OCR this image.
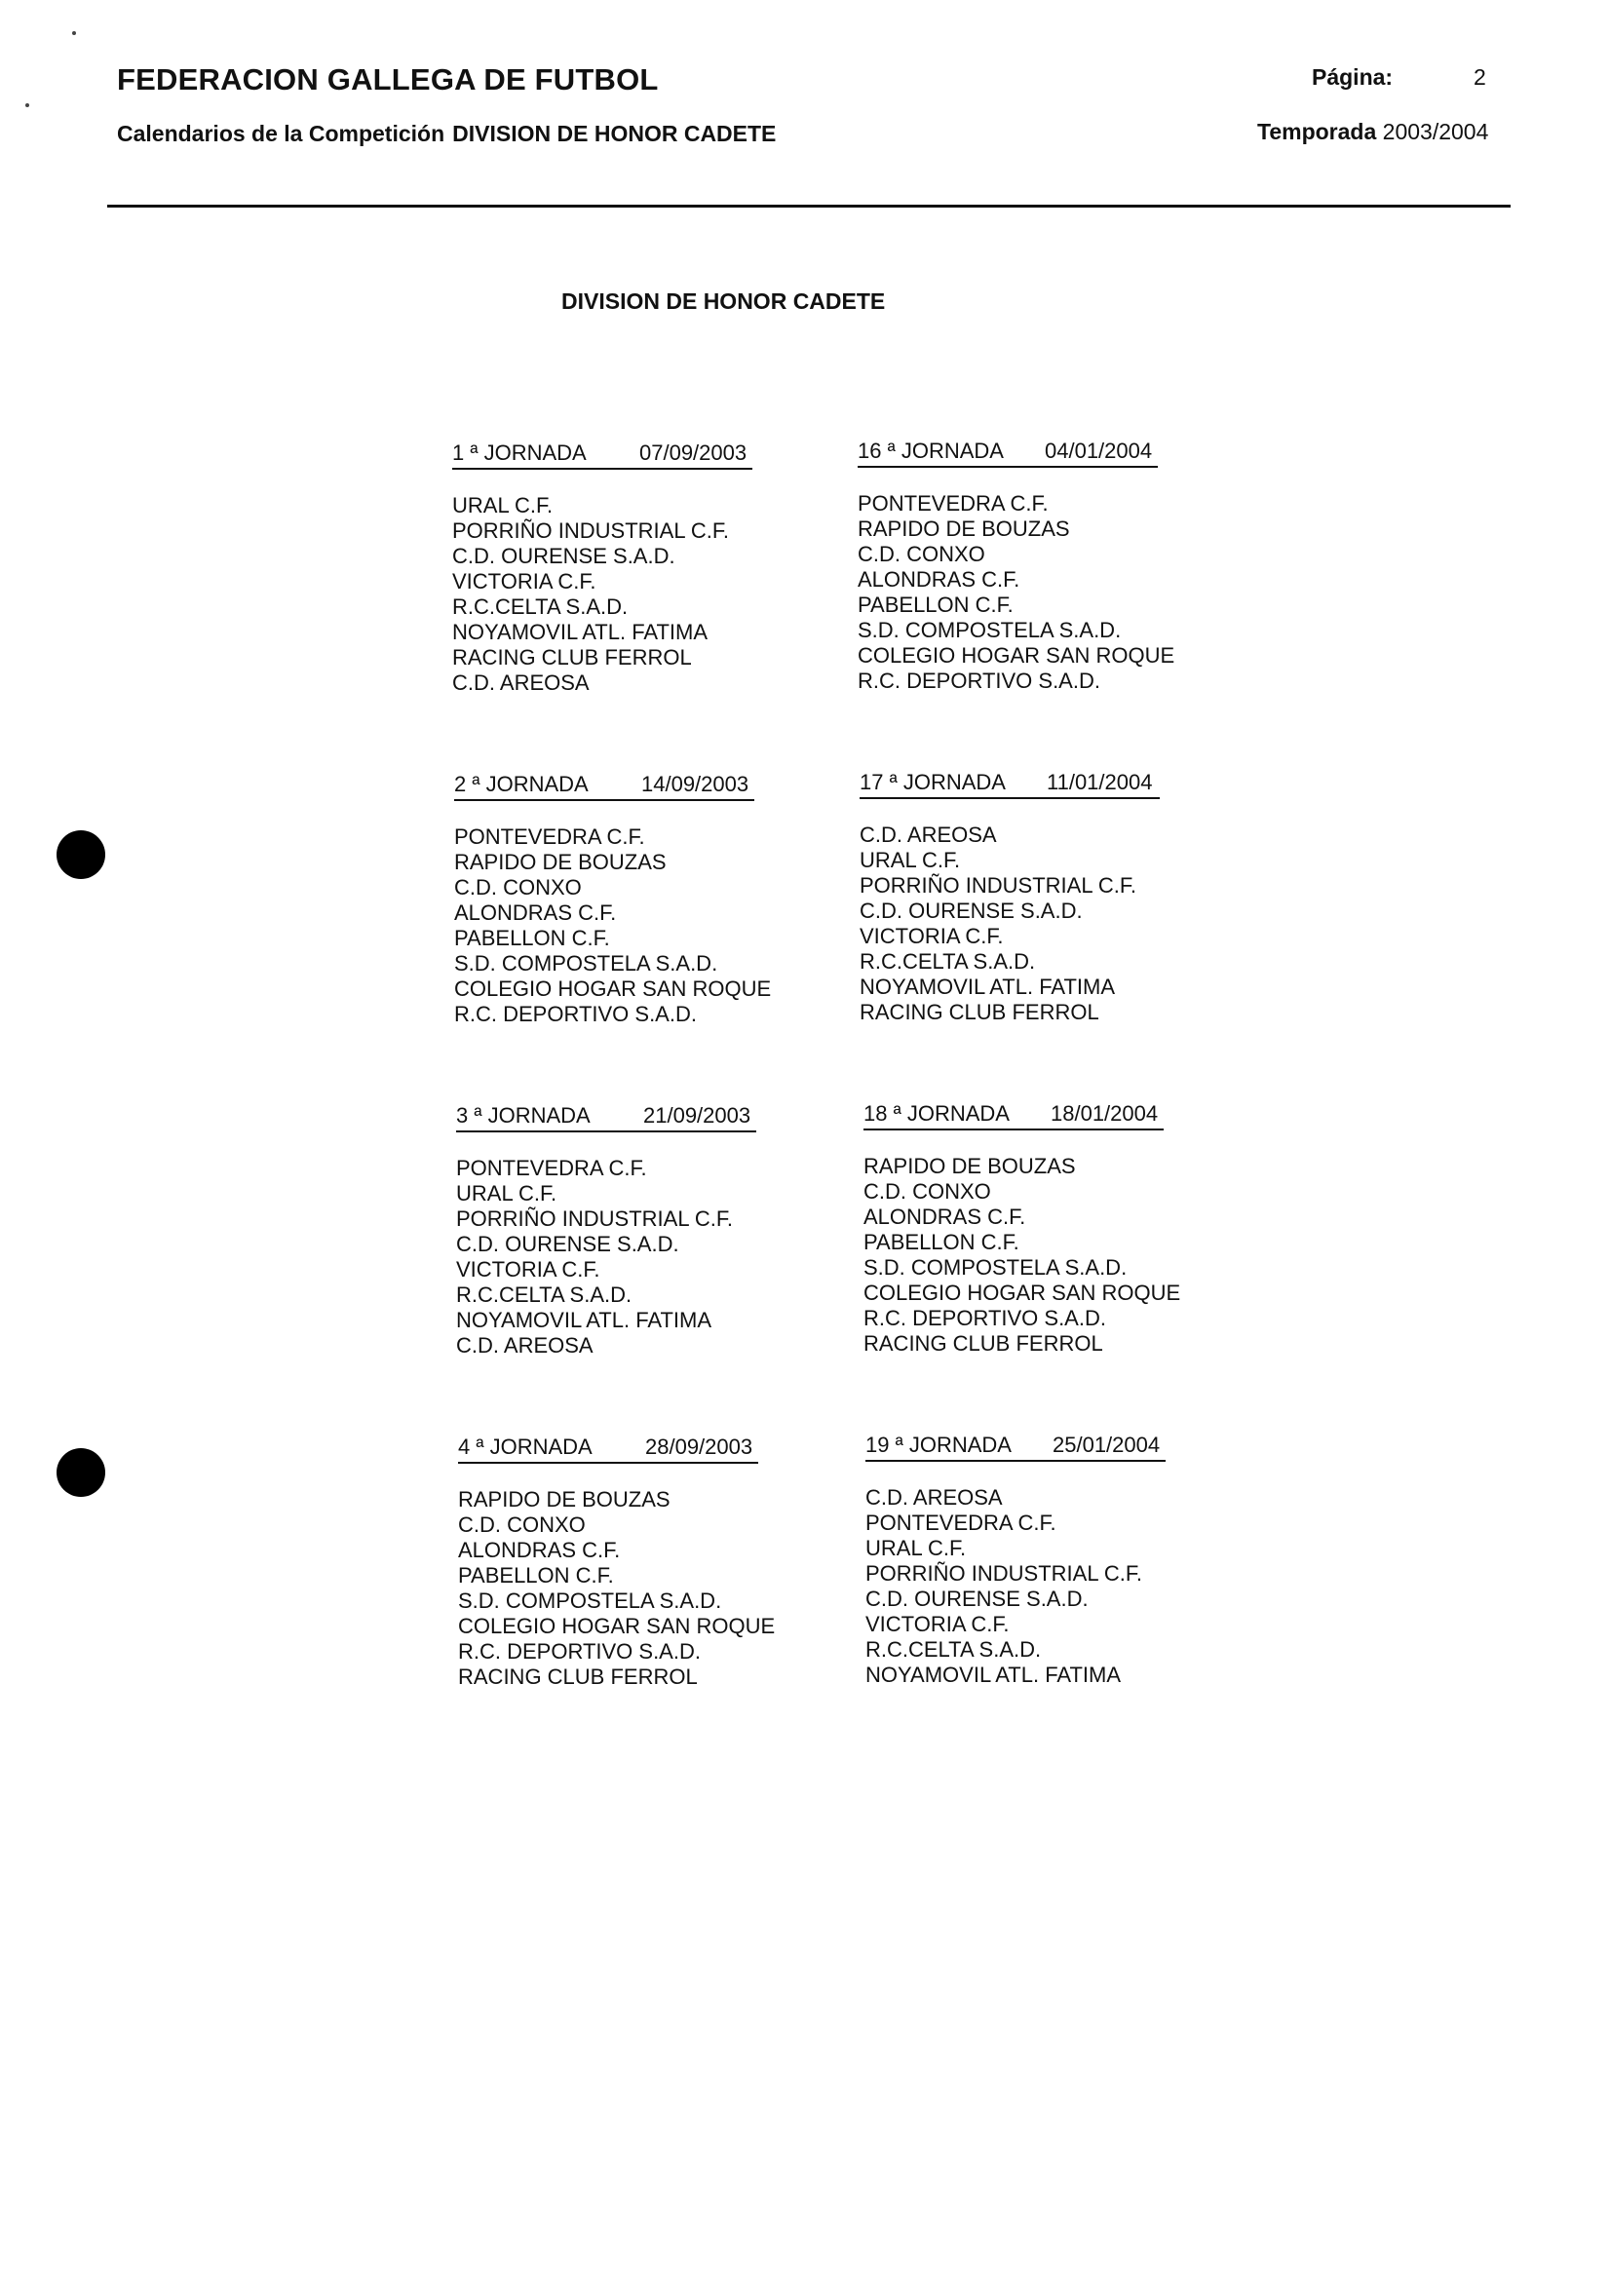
FEDERACION GALLEGA DE FUTBOL	Página:	2
Calendarios de la Competición DIVISION DE HONOR CADETE	Temporada 2003/2004
DIVISION DE HONOR CADETE
1 ª JORNADA 07/09/2003
URAL C.F.
PORRIÑO INDUSTRIAL C.F.
C.D. OURENSE S.A.D.
VICTORIA C.F.
R.C.CELTA S.A.D.
NOYAMOVIL ATL. FATIMA
RACING CLUB FERROL
C.D. AREOSA
16 ª JORNADA 04/01/2004
PONTEVEDRA C.F.
RAPIDO DE BOUZAS
C.D. CONXO
ALONDRAS C.F.
PABELLON C.F.
S.D. COMPOSTELA S.A.D.
COLEGIO HOGAR SAN ROQUE
R.C. DEPORTIVO S.A.D.
2 ª JORNADA 14/09/2003
PONTEVEDRA C.F.
RAPIDO DE BOUZAS
C.D. CONXO
ALONDRAS C.F.
PABELLON C.F.
S.D. COMPOSTELA S.A.D.
COLEGIO HOGAR SAN ROQUE
R.C. DEPORTIVO S.A.D.
17 ª JORNADA 11/01/2004
C.D. AREOSA
URAL C.F.
PORRIÑO INDUSTRIAL C.F.
C.D. OURENSE S.A.D.
VICTORIA C.F.
R.C.CELTA S.A.D.
NOYAMOVIL ATL. FATIMA
RACING CLUB FERROL
3 ª JORNADA 21/09/2003
PONTEVEDRA C.F.
URAL C.F.
PORRIÑO INDUSTRIAL C.F.
C.D. OURENSE S.A.D.
VICTORIA C.F.
R.C.CELTA S.A.D.
NOYAMOVIL ATL. FATIMA
C.D. AREOSA
18 ª JORNADA 18/01/2004
RAPIDO DE BOUZAS
C.D. CONXO
ALONDRAS C.F.
PABELLON C.F.
S.D. COMPOSTELA S.A.D.
COLEGIO HOGAR SAN ROQUE
R.C. DEPORTIVO S.A.D.
RACING CLUB FERROL
4 ª JORNADA 28/09/2003
RAPIDO DE BOUZAS
C.D. CONXO
ALONDRAS C.F.
PABELLON C.F.
S.D. COMPOSTELA S.A.D.
COLEGIO HOGAR SAN ROQUE
R.C. DEPORTIVO S.A.D.
RACING CLUB FERROL
19 ª JORNADA 25/01/2004
C.D. AREOSA
PONTEVEDRA C.F.
URAL C.F.
PORRIÑO INDUSTRIAL C.F.
C.D. OURENSE S.A.D.
VICTORIA C.F.
R.C.CELTA S.A.D.
NOYAMOVIL ATL. FATIMA
